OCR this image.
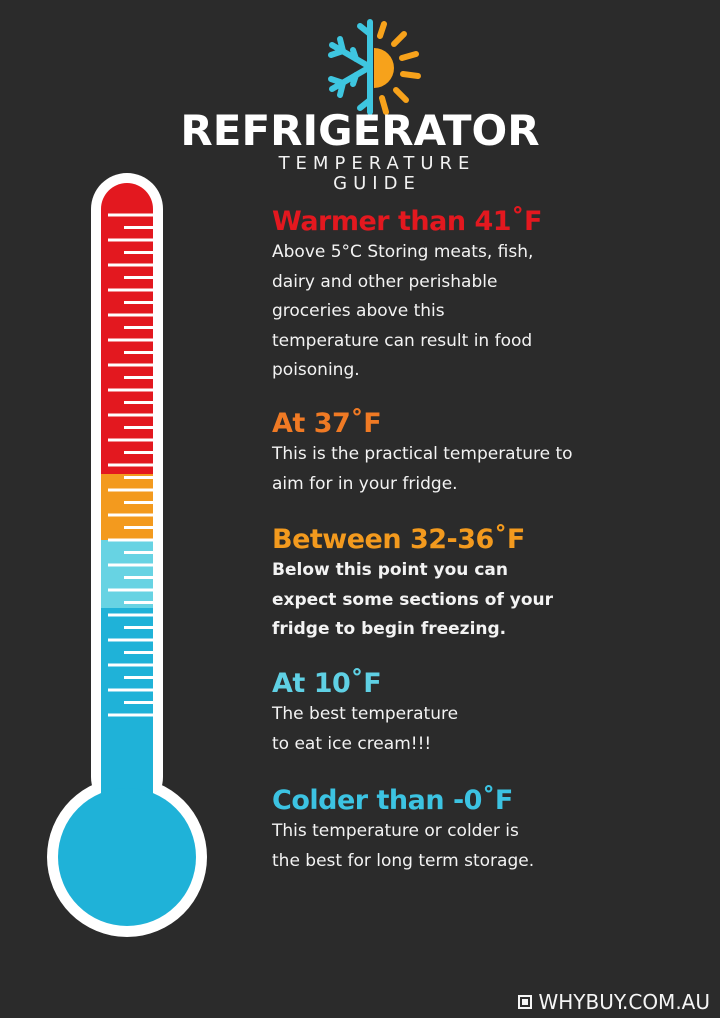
REFRIGERATOR
TEMPERATURE
GUIDE
Warmer than 41˚F

Above 5°C Storing meats, fish,

dairy and other perishable

groceries above this

temperature can result in food

poisoning.

At 37˚F

This is the practical temperature to

aim for in your fridge.

Between 32-36˚F

Below this point you can

expect some sections of your

fridge to begin freezing.

At 10˚F

The best temperature

to eat ice cream!!!

Colder than -0˚F

This temperature or colder is

the best for long term storage.

WHYBUY.COM.AU
